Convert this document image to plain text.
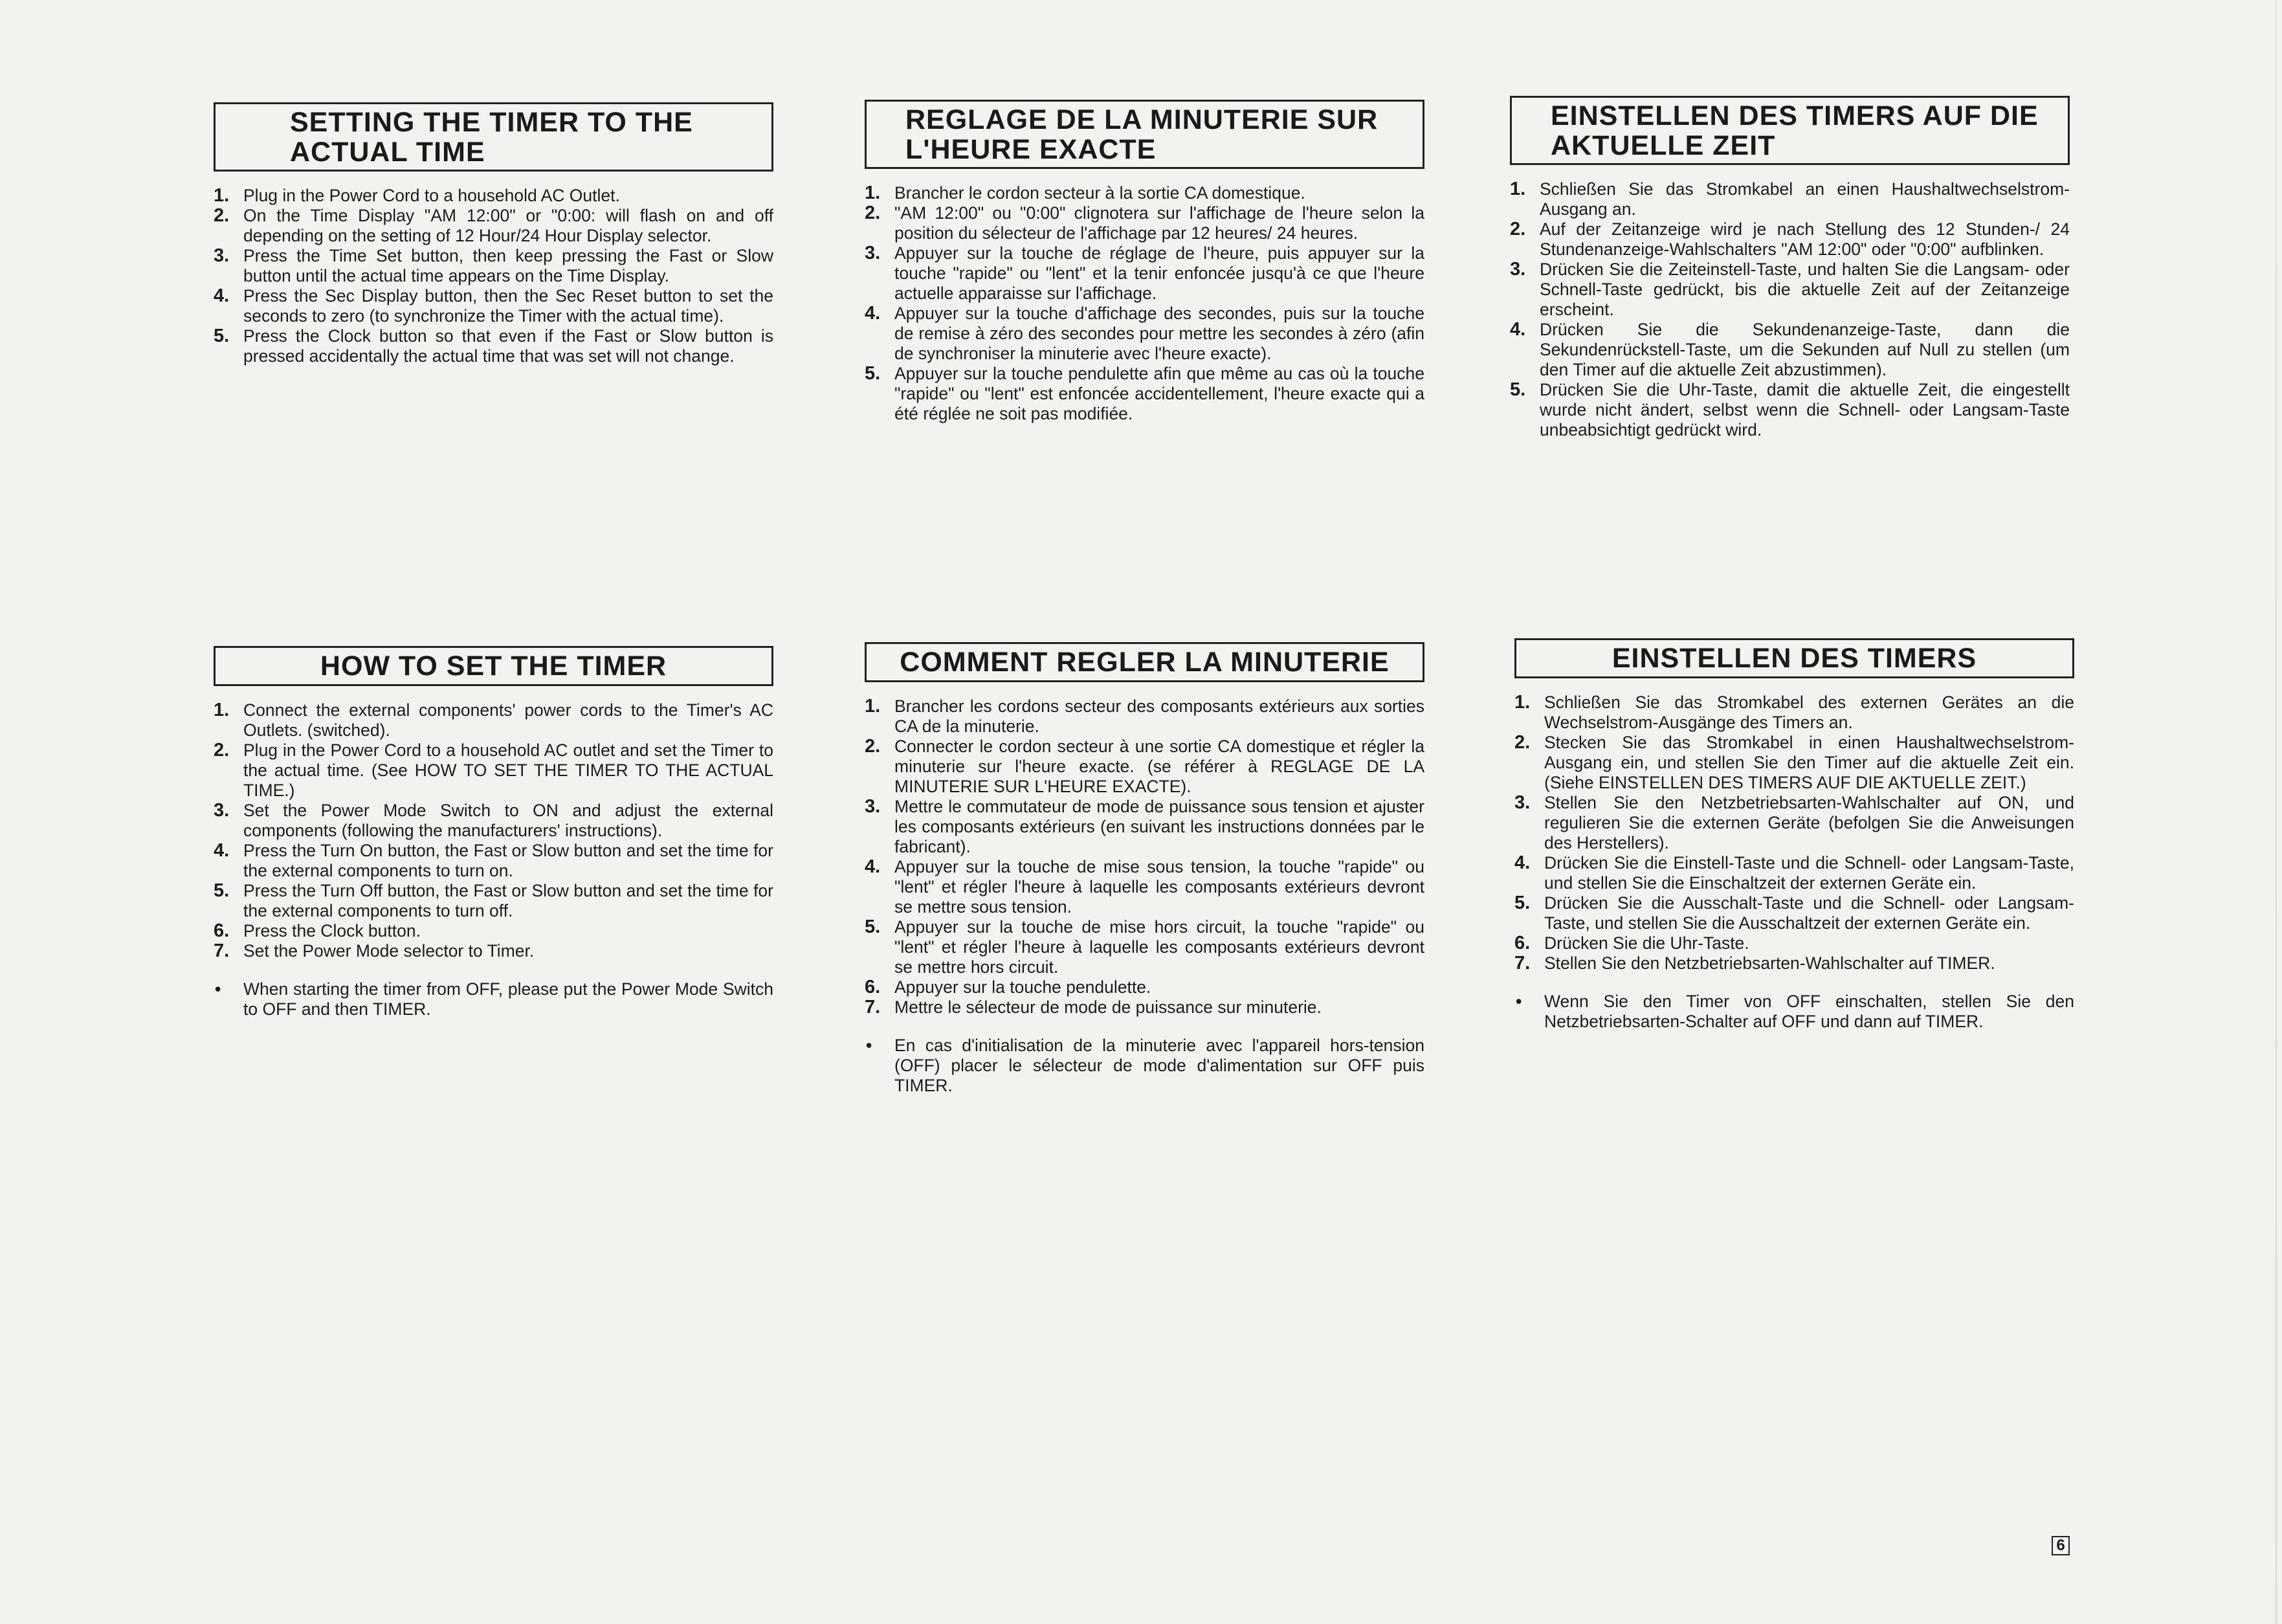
SETTING THE TIMER TO THE
ACTUAL TIME
1. Plug in the Power Cord to a household AC Outlet.
2. On the Time Display "AM 12:00" or "0:00: will flash on and off depending on the setting of 12 Hour/24 Hour Display selector.
3. Press the Time Set button, then keep pressing the Fast or Slow button until the actual time appears on the Time Display.
4. Press the Sec Display button, then the Sec Reset button to set the seconds to zero (to synchronize the Timer with the actual time).
5. Press the Clock button so that even if the Fast or Slow button is pressed accidentally the actual time that was set will not change.
REGLAGE DE LA MINUTERIE SUR
L'HEURE EXACTE
1. Brancher le cordon secteur à la sortie CA domestique.
2. "AM 12:00" ou "0:00" clignotera sur l'affichage de l'heure selon la position du sélecteur de l'affichage par 12 heures/ 24 heures.
3. Appuyer sur la touche de réglage de l'heure, puis appuyer sur la touche "rapide" ou "lent" et la tenir enfoncée jusqu'à ce que l'heure actuelle apparaisse sur l'affichage.
4. Appuyer sur la touche d'affichage des secondes, puis sur la touche de remise à zéro des secondes pour mettre les secondes à zéro (afin de synchroniser la minuterie avec l'heure exacte).
5. Appuyer sur la touche pendulette afin que même au cas où la touche "rapide" ou "lent" est enfoncée accidentellement, l'heure exacte qui a été réglée ne soit pas modifiée.
EINSTELLEN DES TIMERS AUF DIE
AKTUELLE ZEIT
1. Schließen Sie das Stromkabel an einen Haushaltwechselstrom-Ausgang an.
2. Auf der Zeitanzeige wird je nach Stellung des 12 Stunden-/ 24 Stundenanzeige-Wahlschalters "AM 12:00" oder "0:00" aufblinken.
3. Drücken Sie die Zeiteinstell-Taste, und halten Sie die Langsam- oder Schnell-Taste gedrückt, bis die aktuelle Zeit auf der Zeitanzeige erscheint.
4. Drücken Sie die Sekundenanzeige-Taste, dann die Sekundenrückstell-Taste, um die Sekunden auf Null zu stellen (um den Timer auf die aktuelle Zeit abzustimmen).
5. Drücken Sie die Uhr-Taste, damit die aktuelle Zeit, die eingestellt wurde nicht ändert, selbst wenn die Schnell- oder Langsam-Taste unbeabsichtigt gedrückt wird.
HOW TO SET THE TIMER
1. Connect the external components' power cords to the Timer's AC Outlets. (switched).
2. Plug in the Power Cord to a household AC outlet and set the Timer to the actual time. (See HOW TO SET THE TIMER TO THE ACTUAL TIME.)
3. Set the Power Mode Switch to ON and adjust the external components (following the manufacturers' instructions).
4. Press the Turn On button, the Fast or Slow button and set the time for the external components to turn on.
5. Press the Turn Off button, the Fast or Slow button and set the time for the external components to turn off.
6. Press the Clock button.
7. Set the Power Mode selector to Timer.
• When starting the timer from OFF, please put the Power Mode Switch to OFF and then TIMER.
COMMENT REGLER LA MINUTERIE
1. Brancher les cordons secteur des composants extérieurs aux sorties CA de la minuterie.
2. Connecter le cordon secteur à une sortie CA domestique et régler la minuterie sur l'heure exacte. (se référer à REGLAGE DE LA MINUTERIE SUR L'HEURE EXACTE).
3. Mettre le commutateur de mode de puissance sous tension et ajuster les composants extérieurs (en suivant les instructions données par le fabricant).
4. Appuyer sur la touche de mise sous tension, la touche "rapide" ou "lent" et régler l'heure à laquelle les composants extérieurs devront se mettre sous tension.
5. Appuyer sur la touche de mise hors circuit, la touche "rapide" ou "lent" et régler l'heure à laquelle les composants extérieurs devront se mettre hors circuit.
6. Appuyer sur la touche pendulette.
7. Mettre le sélecteur de mode de puissance sur minuterie.
• En cas d'initialisation de la minuterie avec l'appareil hors-tension (OFF) placer le sélecteur de mode d'alimentation sur OFF puis TIMER.
EINSTELLEN DES TIMERS
1. Schließen Sie das Stromkabel des externen Gerätes an die Wechselstrom-Ausgänge des Timers an.
2. Stecken Sie das Stromkabel in einen Haushaltwechselstrom-Ausgang ein, und stellen Sie den Timer auf die aktuelle Zeit ein. (Siehe EINSTELLEN DES TIMERS AUF DIE AKTUELLE ZEIT.)
3. Stellen Sie den Netzbetriebsarten-Wahlschalter auf ON, und regulieren Sie die externen Geräte (befolgen Sie die Anweisungen des Herstellers).
4. Drücken Sie die Einstell-Taste und die Schnell- oder Langsam-Taste, und stellen Sie die Einschaltzeit der externen Geräte ein.
5. Drücken Sie die Ausschalt-Taste und die Schnell- oder Langsam-Taste, und stellen Sie die Ausschaltzeit der externen Geräte ein.
6. Drücken Sie die Uhr-Taste.
7. Stellen Sie den Netzbetriebsarten-Wahlschalter auf TIMER.
• Wenn Sie den Timer von OFF einschalten, stellen Sie den Netzbetriebsarten-Schalter auf OFF und dann auf TIMER.
6
